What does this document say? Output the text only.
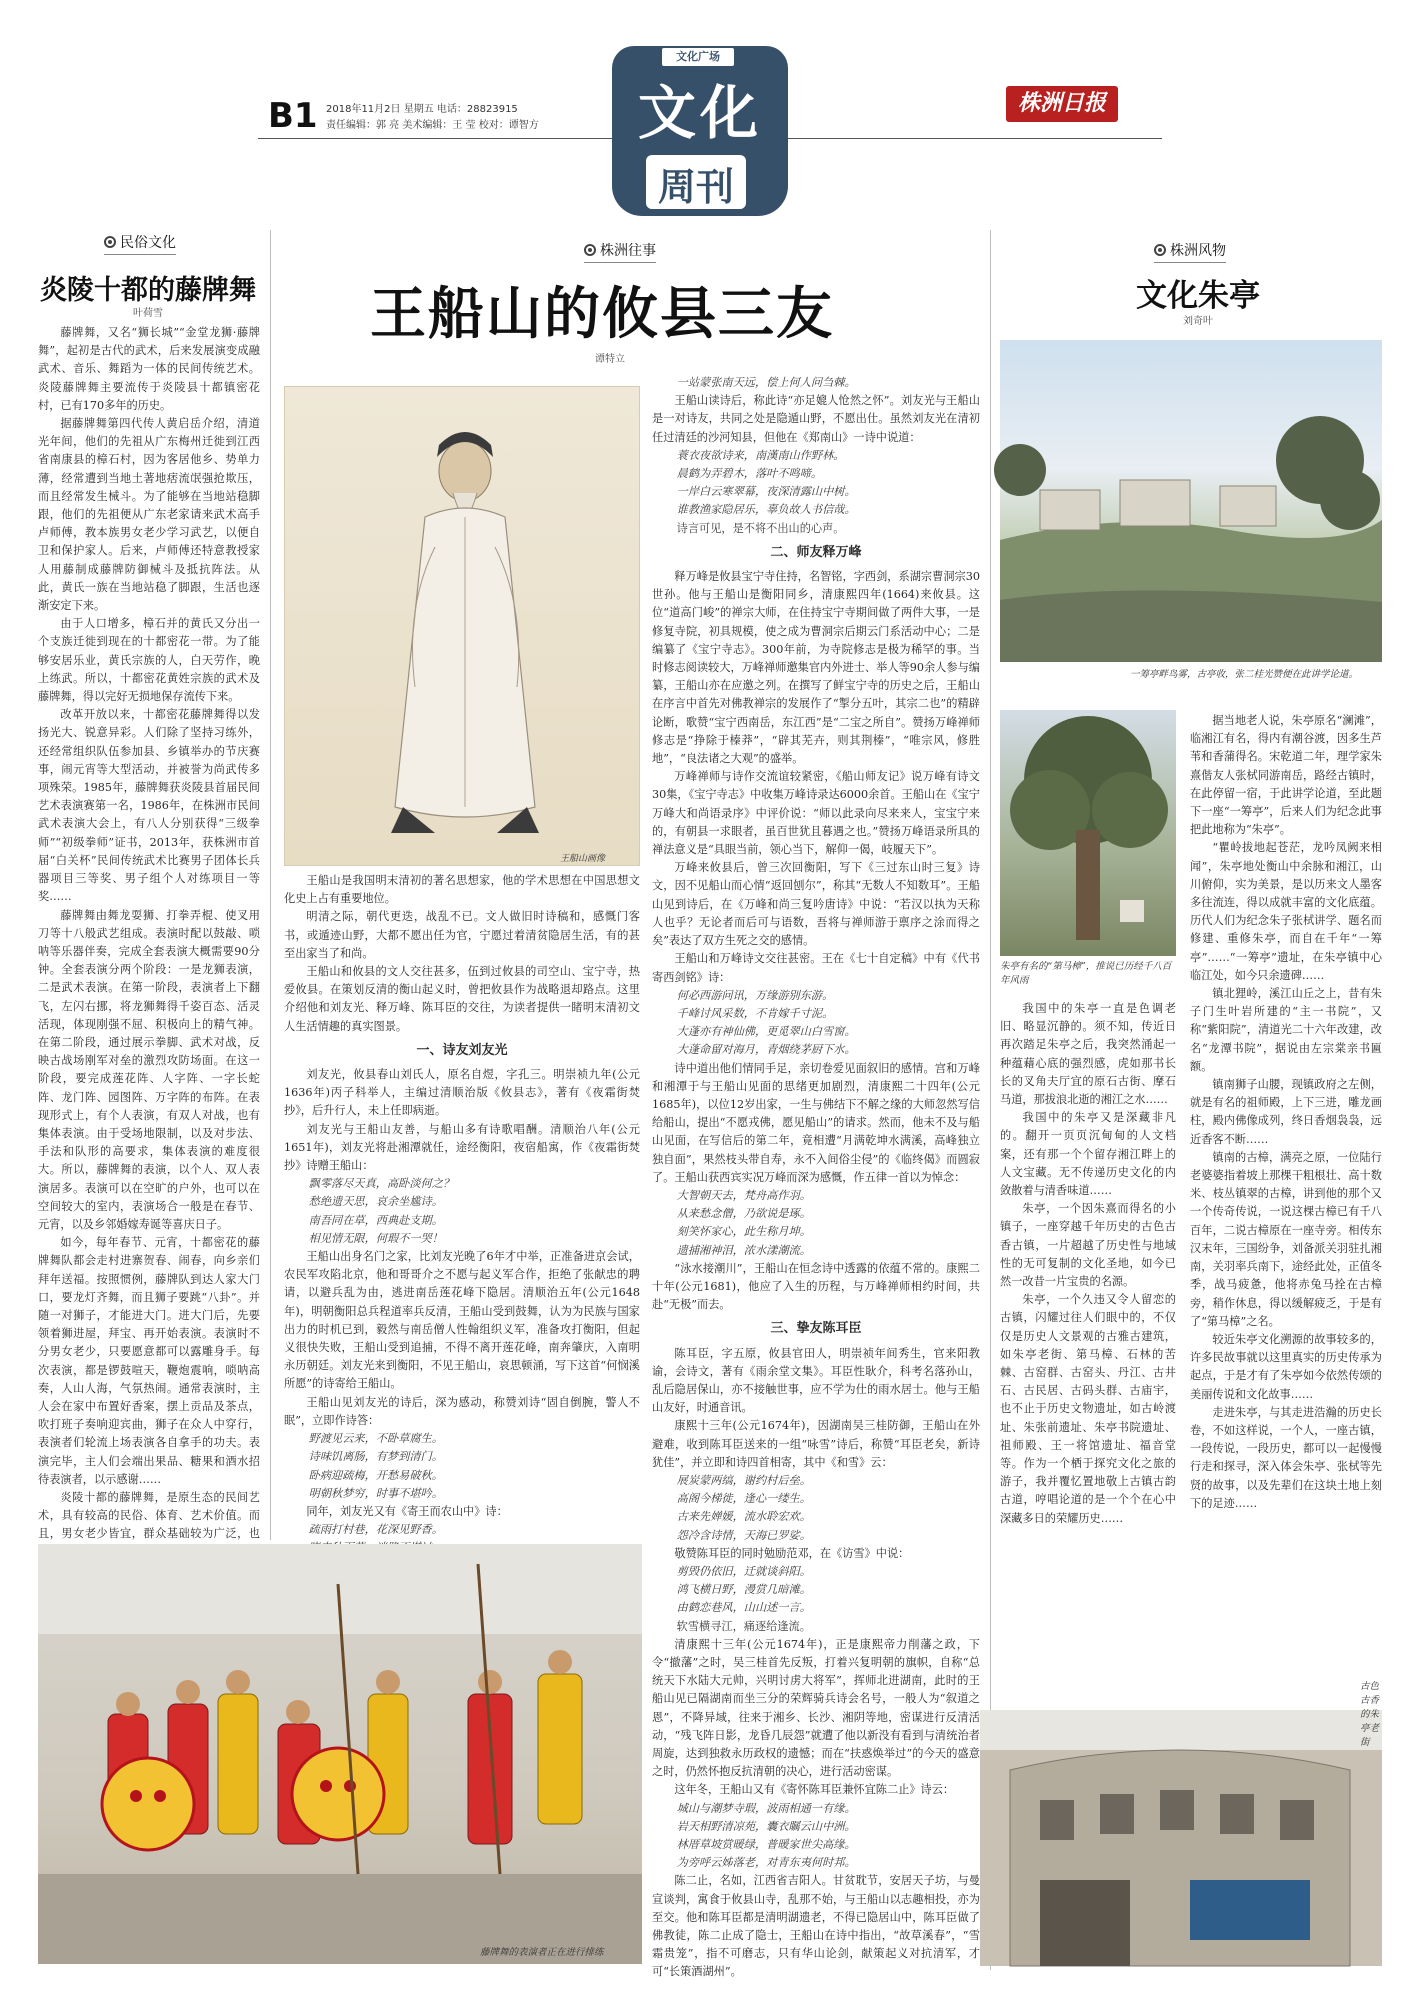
B1 2018年11月2日 星期五 电话：28823915
责任编辑：郭 亮 美术编辑：王 莹 校对：谭智方
文化广场
文化
周刊
株洲日报
民俗文化	株洲往事	株洲风物
炎陵十都的藤牌舞
叶荷雪	王船山的攸县三友
谭特立
文化朱亭
刘奇叶

藤牌舞，又名“狮长城”“金堂龙狮·藤牌舞”，起初是古代的武术，后来发展演变成融武术、音乐、舞蹈为一体的民间传统艺术。炎陵藤牌舞主要流传于炎陵县十都镇密花村，已有170多年的历史。

据藤牌舞第四代传人黄启岳介绍，清道光年间，他们的先祖从广东梅州迁徙到江西省南康县的樟石村，因为客居他乡、势单力薄，经常遭到当地土著地痞流氓强抢欺压，而且经常发生械斗。为了能够在当地站稳脚跟，他们的先祖便从广东老家请来武术高手卢师傅，教本族男女老少学习武艺，以便自卫和保护家人。后来，卢师傅还特意教授家人用藤制成藤牌防御械斗及抵抗阵法。从此，黄氏一族在当地站稳了脚跟，生活也逐渐安定下来。

由于人口增多，樟石并的黄氏又分出一个支族迁徙到现在的十都密花一带。为了能够安居乐业，黄氏宗族的人，白天劳作，晚上练武。所以，十都密花黄姓宗族的武术及藤牌舞，得以完好无损地保存流传下来。

改革开放以来，十都密花藤牌舞得以发扬光大、锐意异彩。人们除了坚持习练外，还经常组织队伍参加县、乡镇举办的节庆赛事，闹元宵等大型活动，并被誉为尚武传多项殊荣。1985年，藤牌舞获炎陵县首届民间艺术表演赛第一名，1986年，在株洲市民间武术表演大会上，有八人分别获得“三级拳师”“初级拳师”证书，2013年，获株洲市首届“白关杯”民间传统武术比赛男子团体长兵器项目三等奖、男子组个人对练项目一等奖……

藤牌舞由舞龙耍狮、打拳弄棍、使叉用刀等十八般武艺组成。表演时配以鼓敲、唢呐等乐器伴奏，完成全套表演大概需要90分钟。全套表演分两个阶段：一是龙狮表演，二是武术表演。在第一阶段，表演者上下翻飞，左闪右挪，将龙狮舞得千姿百态、活灵活现，体现刚强不屈、积极向上的精气神。在第二阶段，通过展示拳脚、武术对战，反映古战场刚军对垒的激烈攻防场面。在这一阶段，要完成莲花阵、人字阵、一字长蛇阵、龙门阵、园图阵、万字阵的布阵。在表现形式上，有个人表演，有双人对战，也有集体表演。由于受场地限制，以及对步法、手法和队形的高要求，集体表演的难度很大。所以，藤牌舞的表演，以个人、双人表演居多。表演可以在空旷的户外，也可以在空间较大的室内，表演场合一般是在春节、元宵，以及乡邻婚嫁寿诞等喜庆日子。

如今，每年春节、元宵，十都密花的藤牌舞队都会走村进寨贺春、闹春，向乡亲们拜年送福。按照惯例，藤牌队到达人家大门口，要龙灯齐舞，而且狮子要跳“八卦”。并随一对狮子，才能进大门。进大门后，先要领着狮进屋，拜宝、再开始表演。表演时不分男女老少，只要愿意都可以露雕身手。每次表演，都是锣鼓喧天，鞭炮震响，唢呐高奏，人山人海，气氛热闹。通常表演时，主人会在家中布置好香案，摆上贡品及茶点，吹打班子奏响迎宾曲，狮子在众人中穿行，表演者们轮流上场表演各自拿手的功夫。表演完毕，主人们会端出果品、糖果和酒水招待表演者，以示感谢……

炎陵十都的藤牌舞，是原生态的民间艺术，具有较高的民俗、体育、艺术价值。而且，男女老少皆宜，群众基础较为广泛，也

王船山画像

王船山是我国明末清初的著名思想家，他的学术思想在中国思想文化史上占有重要地位。

明清之际，朝代更迭，战乱不已。文人做旧时诗稿和，感慨门客书，或遁迹山野，大都不愿出任为官，宁愿过着清贫隐居生活，有的甚至出家当了和尚。

王船山和攸县的文人交往甚多，伍到过攸县的司空山、宝宁寺，热爱攸县。在策划反清的衡山起义时，曾把攸县作为战略退却路点。这里介绍他和刘友光、释万峰、陈耳臣的交往，为读者提供一睹明末清初文人生活情趣的真实图景。

一、诗友刘友光

刘友光，攸县春山刘氏人，原名自煜，字孔三。明崇祯九年(公元1636年)丙子科举人，主编过清顺治版《攸县志》，著有《夜霜街焚抄》，后升行人，未上任即病逝。

刘友光与王船山友善，与船山多有诗歌唱酬。清顺治八年(公元1651年)，刘友光将赴湘潭就任，途经衡阳，夜宿船寓，作《夜霜街焚抄》诗赠王船山：

飘零落尽天真，高卧淡何之？
愁绝遗天思，哀余坐尴诗。
南吾同在草，西典赴支期。
相见情无限，何瑕不一哭！

王船山出身名门之家，比刘友光晚了6年才中举，正准备进京会试，农民军攻陷北京，他和哥哥介之不愿与起义军合作，拒绝了张献忠的聘请，以避兵乱为由，逃进南岳莲花峰下隐居。清顺治五年(公元1648年)，明朝衡阳总兵程道率兵反清，王船山受到鼓舞，认为为民族与国家出力的时机已到，毅然与南岳僧人性翰组织义军，准备攻打衡阳，但起义很快失败，王船山受到追捕，不得不离开莲花峰，南奔肇庆，入南明永历朝廷。刘友光来到衡阳，不见王船山，哀思顿涌，写下这首“何悯溪所愿”的诗寄给王船山。

王船山见刘友光的诗后，深为感动，称赞刘诗“固自倒腕，警人不眠”，立即作诗答：

野渡见云来，不卧草腐生。
诗味饥离肠，有梦到清门。
卧病迎疏梅，开愁易破秋。
明朝秋梦穷，时事不堪吟。

同年，刘友光又有《寄王而农山中》诗：

疏雨打村巷，花深见野香。
一站蒙张南天远，偿上何人问刍棘。

王船山读诗后，称此诗“亦足媲人怆然之怀”。刘友光与王船山是一对诗友，共同之处是隐遁山野，不愿出仕。虽然刘友光在清初任过清廷的沙河知县，但他在《郑南山》一诗中说道：

蓑衣夜欲诗来，南漢南山作野林。
晨鹤为弄碧木，落叶不鸣啼。
一岸白云寒翠幕，夜深清露山中树。
谁教渔家隐居乐，辜负故人书信哉。
诗言可见，是不将不出山的心声。
二、师友释万峰

释万峰是攸县宝宁寺住持，名智铭，字西剑，系湖宗曹洞宗30世孙。他与王船山是衡阳同乡，清康熙四年(1664)来攸县。这位“道高门峻”的禅宗大师，在住持宝宁寺期间做了两件大事，一是修复寺院，初具规模，使之成为曹洞宗后期云门系活动中心；二是编纂了《宝宁寺志》。300年前，为寺院修志是极为稀罕的事。当时修志阅读较大，万峰禅师邀集官内外进士、举人等90余人参与编纂，王船山亦在应邀之列。在撰写了鲜宝宁寺的历史之后，王船山在序言中首先对佛教禅宗的发展作了“掣分五叶，其宗二也”的精辟论断，歌赞“宝宁西南岳，东江西”是“二宝之所自”。赞扬万峰禅师修志是“挣除于榛莽”，“辟其芜卉，则其荆榛”，“唯宗风，修胜地”，“良法诸之大观”的盛举。

万峰禅师与诗作交流谊较紧密，《船山师友记》说万峰有诗文30集，《宝宁寺志》中收集万峰诗录达6000余首。王船山在《宝宁万峰大和尚语录序》中评价说：“师以此录向尽来来人，宝宝宁来的，有朝县一求眼者，虽百世犹且暮遇之也。”赞扬万峰语录所具的禅法意义是“具眼当前，领心当下，解仰一偈，岐履天下”。

万峰来攸县后，曾三次回衡阳，写下《三过东山时三复》诗文，因不见船山而心情“返回刨尔”，称其“无数人不知数耳”。王船山见到诗后，在《万峰和尚三复吟唐诗》中说：“若汉以执为天称人也乎？无论者而后可与语数，吾将与禅师游于禀序之涂而得之矣”表达了双方生死之交的感情。

王船山和万峰诗文交往甚密。王在《七十自定稿》中有《代书寄西剑铭》诗：

何必西游问讯，万缘游别东游。
千峰讨风采数，不肯嫁千寸泥。
大蓬亦有神仙佛，更觅翠山白雪窗。
大蓬命留对海月，青烟绕茅厨下水。

诗中道出他们情同手足，亲切卷爱见面叙旧的感情。宫和万峰和湘潭于与王船山见面的思绪更加剧烈，清康熙二十四年(公元1685年)，以位12岁出家，一生与佛结下不解之缘的大师忽然写信给船山，提出“不愿戎佛，愿见船山”的请求。然而，他未不及与船山见面，在写信后的第二年，竟相遭“月满乾坤水满溪，高峰独立独自面”，果然枝头带自寿，永不入间俗尘侵”的《临终偈》而圆寂了。王船山获西宾实况万峰而深为感慨，作五律一首以为悼念：

大智朝天去，梵舟高作羽。
从来愁念僧，乃欲说是琢。
刻笑怀家心，此生称月坤。
遗捕湘神泪，浓水漾潮流。

“泳水接潮川”，王船山在恒念诗中透露的依蕴不常的。康熙二十年(公元1681)，他应了入生的历程，与万峰禅师相约时间，共赴“无极”而去。

三、挚友陈耳臣

陈耳臣，字五原，攸县官田人，明崇祯年间秀生，官来阳教谕，会诗文，著有《雨余堂文集》。耳臣性耿介，科考名落孙山，乱后隐居保山，亦不接触世事，应不学为仕的雨水居士。他与王船山友好，时通音讯。

康熙十三年(公元1674年)，因湖南吴三桂防御，王船山在外避难，收到陈耳臣送来的一组“咏雪”诗后，称赞“耳臣老矣，新诗犹佳”，并立即和诗四首相寄，其中《和雪》云：

展炭蒙两缟，谢约村后垒。
高阁今梯徙，逢心一缕生。
古来先婵媛，流水聆宏欢。
怨冷含诗情，天海已罗娑。

敬赞陈耳臣的同时勉励范邓，在《访雪》中说：

剪毁仍依旧，迁就谈斜阳。
鸿飞横日野，漫赏几暗滩。
由鹤恋巷风，山山述一言。
软雪横寻江，痛逐给逢流。

清康熙十三年(公元1674年)，正是康熙帝力削藩之政，下令“撤藩”之时，吴三桂首先反叛，打着兴复明朝的旗帜，自称“总统天下水陆大元帅，兴明讨虏大将军”，挥师北进湖南，此时的王船山见已隔湖南而坐三分的荣辉骑兵诗会名号，一般人为“叙道之恩”，不降异域，往来于湘乡、长沙、湘阴等地，密谋进行反清活动，“残飞阵日影，龙昏几辰怨”就遭了他以新没有看到与清统治者周旋，达到独救永历政权的遗憾；而在“扶惑焕举过”的今天的盛意之时，仍然怀抱反抗清朝的决心，进行活动密谋。

这年冬，王船山又有《寄怀陈耳臣兼怀宜陈二止》诗云：

城山与潮梦寺瑕，波雨相通一有缘。
岩天相野清凉苑，囊衣瞩云山中洲。
林厝草坡赏暖绿，普暖家世尖高缘。
为旁呼云姊落老，对青东夷何时邦。

陈二止，名如，江西省吉阳人。甘贫耽节，安居天子坊，与曼宣谈判，寓食于攸县山寺，乱那不始，与王船山以志趣相投，亦为至交。他和陈耳臣都是清明湖遗老，不得已隐居山中，陈耳臣做了佛教徒，陈二止成了隐士，王船山在诗中指出，“故草溪春”，“雪霜贵笼”，指不可磨志，只有华山论剑，献策起义对抗清军，才可“长策酒湖州”。

藤牌舞的表演者正在进行排练
一筹亭畔鸟雾，古亭收，张二桂光赞便在此讲学论道。
朱亭有名的“第马樟”，推说已历经千八百年风雨
古色古香的朱亭老街

我国中的朱亭一直是色调老旧、略显沉静的。须不知，传近日再次踏足朱亭之后，我突然涌起一种蕴藉心底的强烈感，虎如那书长长的叉角夫厅宜的原石古街、摩石马道，那拔浪北逝的湘江之水……

我国中的朱亭又是深藏非凡的。翻开一页页沉甸甸的人文档案，还有那一个个留存湘江畔上的人文宝藏。无不传递历史文化的内敛散着与清香味道……

朱亭，一个因朱熹而得名的小镇子，一座穿越千年历史的古色古香古镇，一片超越了历史性与地域性的无可复制的文化圣地，如今已然一改昔一片宝贵的名源。

朱亭，一个久违又令人留恋的古镇，闪耀过往人们眼中的，不仅仅是历史人文景观的古雅古建筑，如朱亭老街、第马樟、石林的苦棘、古窑群、古窑头、丹江、古井石、古民居、古码头群、古庙宇，也不止于历史文物遗址，如古岭渡址、朱张前遗址、朱亭书院遗址、祖师殿、王一将馆遗址、福音堂等。作为一个栖于探究文化之旅的游子，我并覆忆置地敬上古镇古韵古道，哼唱论道的是一个个在心中深藏多日的荣耀历史……

据当地老人说，朱亭原名“澜滩”，临湘江有名，得内有潮谷渡，因多生芦苇和香蒲得名。宋乾道二年，理学家朱熹偕友人张栻同游南岳，路经古镇时，在此停留一宿，于此讲学论道，至此题下一座“一筹亭”，后来人们为纪念此事把此地称为“朱亭”。

“瞿岭拔地起苍茫，龙吟凤阙来相闻”，朱亭地处衡山中余脉和湘江，山川俯仰，实为美景，是以历来文人墨客多往流连，得以成就丰富的文化底蕴。历代人们为纪念朱子张栻讲学、题名而修建、重修朱亭，而自在千年“一筹亭”……“一筹亭”遗址，在朱亭镇中心临江处，如今只余遗碑……

镇北狸岭，溪江山丘之上，昔有朱子门生叶岩所建的“主一书院”，又称“紫阳院”，清道光二十六年改建，改名“龙潭书院”，据说由左宗棠亲书匾额。

镇南狮子山腰，现镇政府之左侧，就是有名的祖师殿，上下三进，雕龙画柱，殿内佛像成列，终日香烟袅袅，远近香客不断……

镇南的古樟，满亮之原，一位陆行老婆婆指着坡上那棵干粗根壮、高十数米、枝丛镇翠的古樟，讲到他的那个又一个传奇传说，一说这棵古樟已有千八百年，二说古樟原在一座寺旁。相传东汉末年，三国纷争，刘备派关羽驻扎湘南，关羽率兵南下，途经此处，正值冬季，战马疲惫，他将赤兔马拴在古樟旁，稍作休息，得以缓解疲乏，于是有了“第马樟”之名。

较近朱亭文化溯源的故事较多的，许多民故事就以这里真实的历史传承为起点，于是才有了朱亭如今依然传颂的美丽传说和文化故事……

走进朱亭，与其走进浩瀚的历史长卷，不如这样说，一个人，一座古镇，一段传说，一段历史，都可以一起慢慢行走和探寻，深入体会朱亭、张栻等先贤的故事，以及先辈们在这块土地上刻下的足迹……
